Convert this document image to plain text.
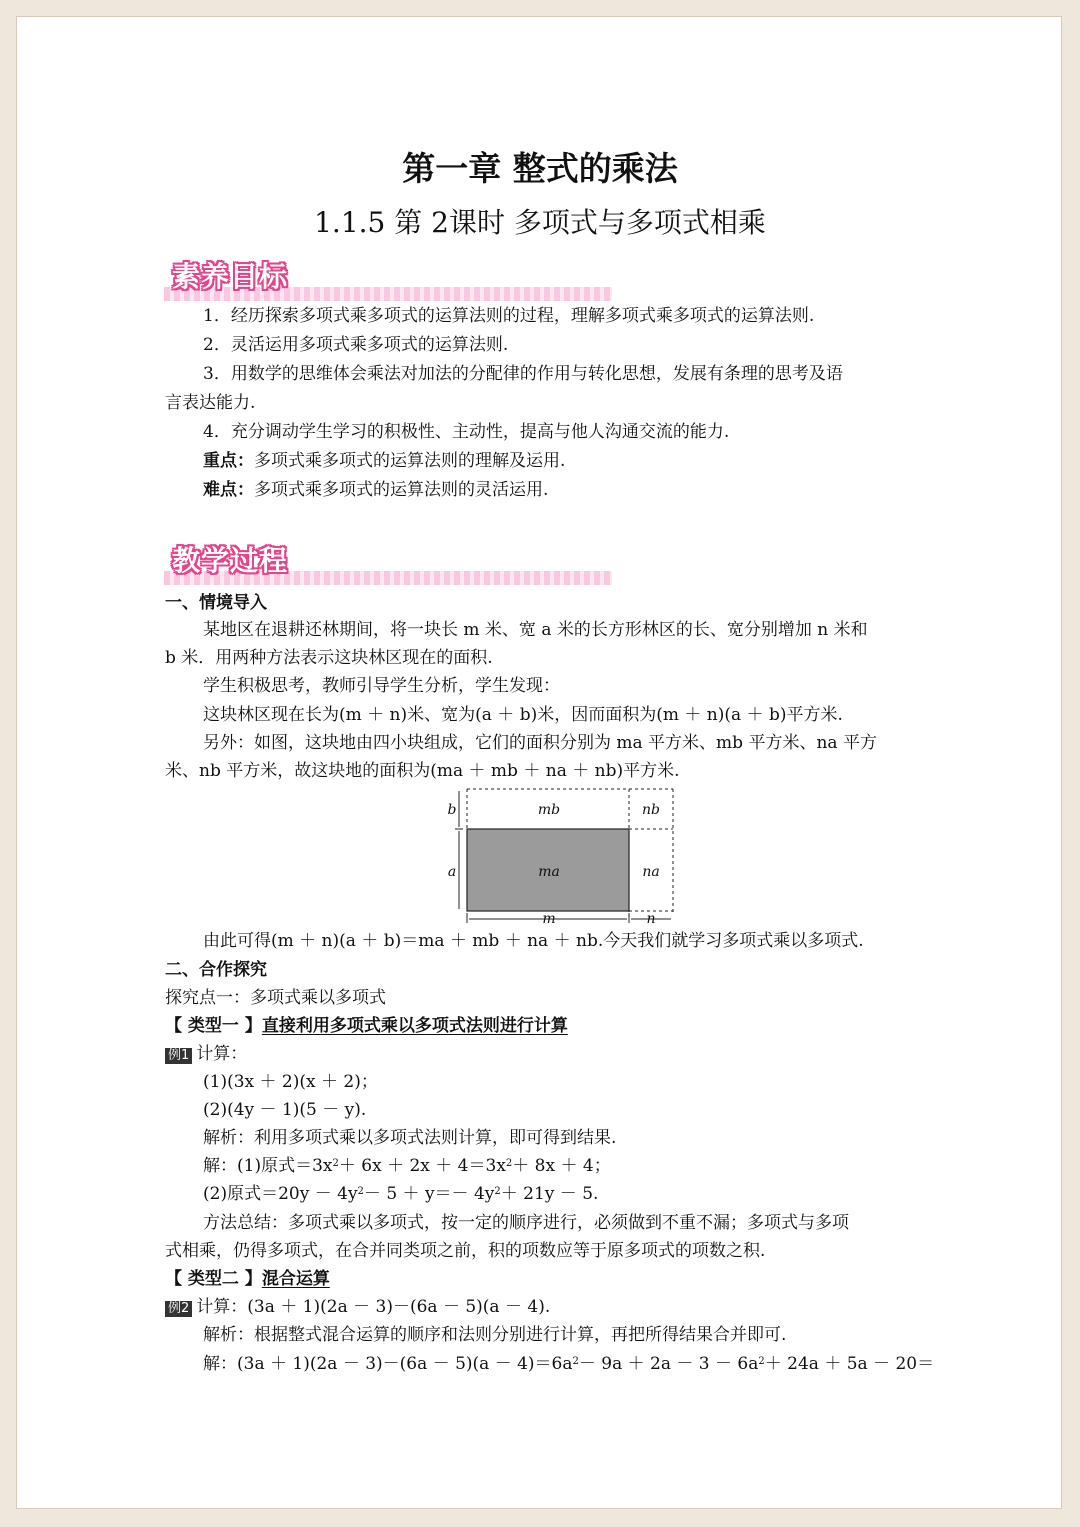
第一章 整式的乘法
1.1.5 第 2课时 多项式与多项式相乘
素养目标
1．经历探索多项式乘多项式的运算法则的过程，理解多项式乘多项式的运算法则.
2．灵活运用多项式乘多项式的运算法则.
3．用数学的思维体会乘法对加法的分配律的作用与转化思想，发展有条理的思考及语
言表达能力.
4．充分调动学生学习的积极性、主动性，提高与他人沟通交流的能力.
重点：多项式乘多项式的运算法则的理解及运用.
难点：多项式乘多项式的运算法则的灵活运用.
教学过程
一、情境导入
某地区在退耕还林期间，将一块长 m 米、宽 a 米的长方形林区的长、宽分别增加 n 米和
b 米．用两种方法表示这块林区现在的面积.
学生积极思考，教师引导学生分析，学生发现：
这块林区现在长为(m ＋ n)米、宽为(a ＋ b)米，因而面积为(m ＋ n)(a ＋ b)平方米.
另外：如图，这块地由四小块组成，它们的面积分别为 ma 平方米、mb 平方米、na 平方
米、nb 平方米，故这块地的面积为(ma ＋ mb ＋ na ＋ nb)平方米.
mb	nb
ma	na
b
a
m	n
由此可得(m ＋ n)(a ＋ b)＝ma ＋ mb ＋ na ＋ nb.今天我们就学习多项式乘以多项式.
二、合作探究
探究点一：多项式乘以多项式
【 类型一 】直接利用多项式乘以多项式法则进行计算
例1 计算：
(1)(3x ＋ 2)(x ＋ 2)；
(2)(4y － 1)(5 － y).
解析：利用多项式乘以多项式法则计算，即可得到结果.
解：(1)原式$=3x^2+ 6x + 2x + 4=3x^2+ 8x + 4$；
(2)原式$=20y - 4y^2- 5 + y=- 4y^2+ 21y - 5$.
方法总结：多项式乘以多项式，按一定的顺序进行，必须做到不重不漏；多项式与多项
式相乘，仍得多项式，在合并同类项之前，积的项数应等于原多项式的项数之积.
【 类型二 】混合运算
例2 计算：(3a ＋ 1)(2a － 3)－(6a － 5)(a － 4).
解析：根据整式混合运算的顺序和法则分别进行计算，再把所得结果合并即可.
解：$(3a + 1)(2a - 3)-(6a - 5)(a - 4)=6a^2- 9a + 2a - 3 - 6a^2+ 24a + 5a - 20=$
